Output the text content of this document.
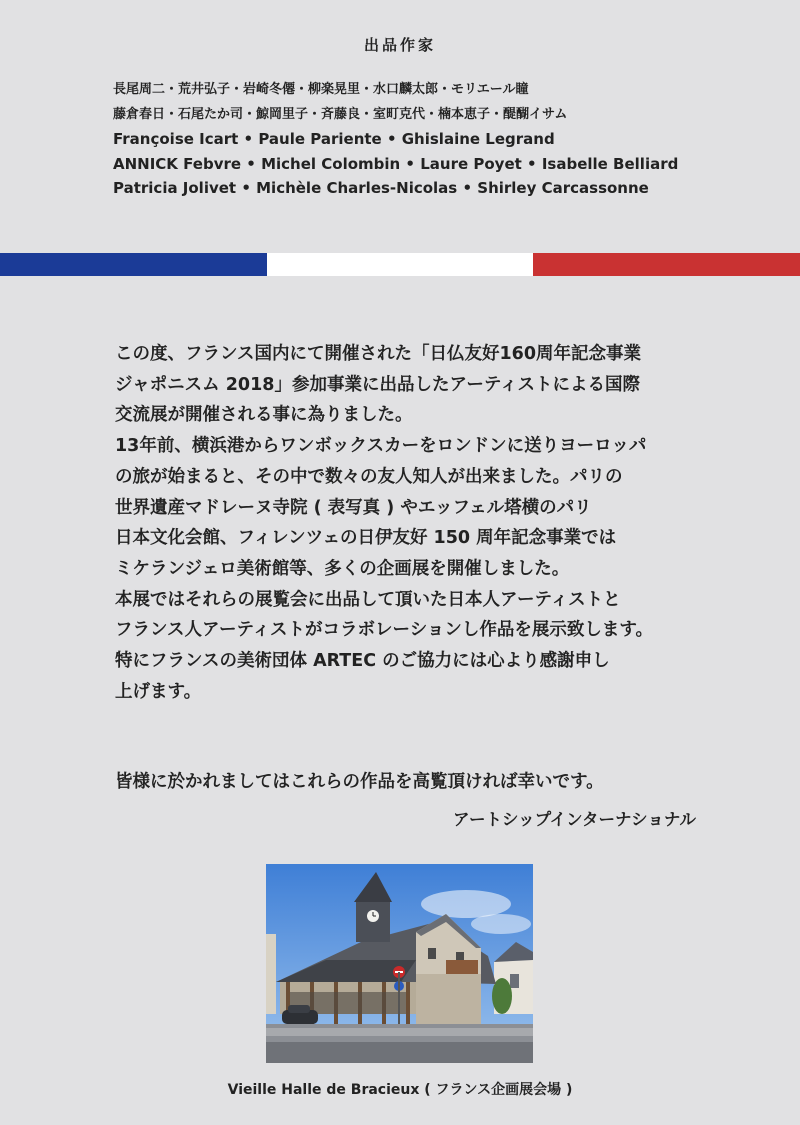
出品作家
長尾周二・荒井弘子・岩崎冬僊・柳楽晃里・水口麟太郎・モリエール瞳
藤倉春日・石尾たか司・鯨岡里子・斉藤良・室町克代・楠本恵子・醍醐イサム
Françoise Icart • Paule Pariente • Ghislaine Legrand
ANNICK Febvre • Michel Colombin • Laure Poyet • Isabelle Belliard
Patricia Jolivet • Michèle Charles-Nicolas • Shirley Carcassonne
この度、フランス国内にて開催された「日仏友好160周年記念事業
ジャポニスム 2018」参加事業に出品したアーティストによる国際
交流展が開催される事に為りました。
13年前、横浜港からワンボックスカーをロンドンに送りヨーロッパ
の旅が始まると、その中で数々の友人知人が出来ました。パリの
世界遺産マドレーヌ寺院 ( 表写真 ) やエッフェル塔横のパリ
日本文化会館、フィレンツェの日伊友好 150 周年記念事業では
ミケランジェロ美術館等、多くの企画展を開催しました。
本展ではそれらの展覧会に出品して頂いた日本人アーティストと
フランス人アーティストがコラボレーションし作品を展示致します。
特にフランスの美術団体 ARTEC のご協力には心より感謝申し
上げます。
皆様に於かれましてはこれらの作品を高覧頂ければ幸いです。
アートシップインターナショナル
Vieille Halle de Bracieux ( フランス企画展会場 )
